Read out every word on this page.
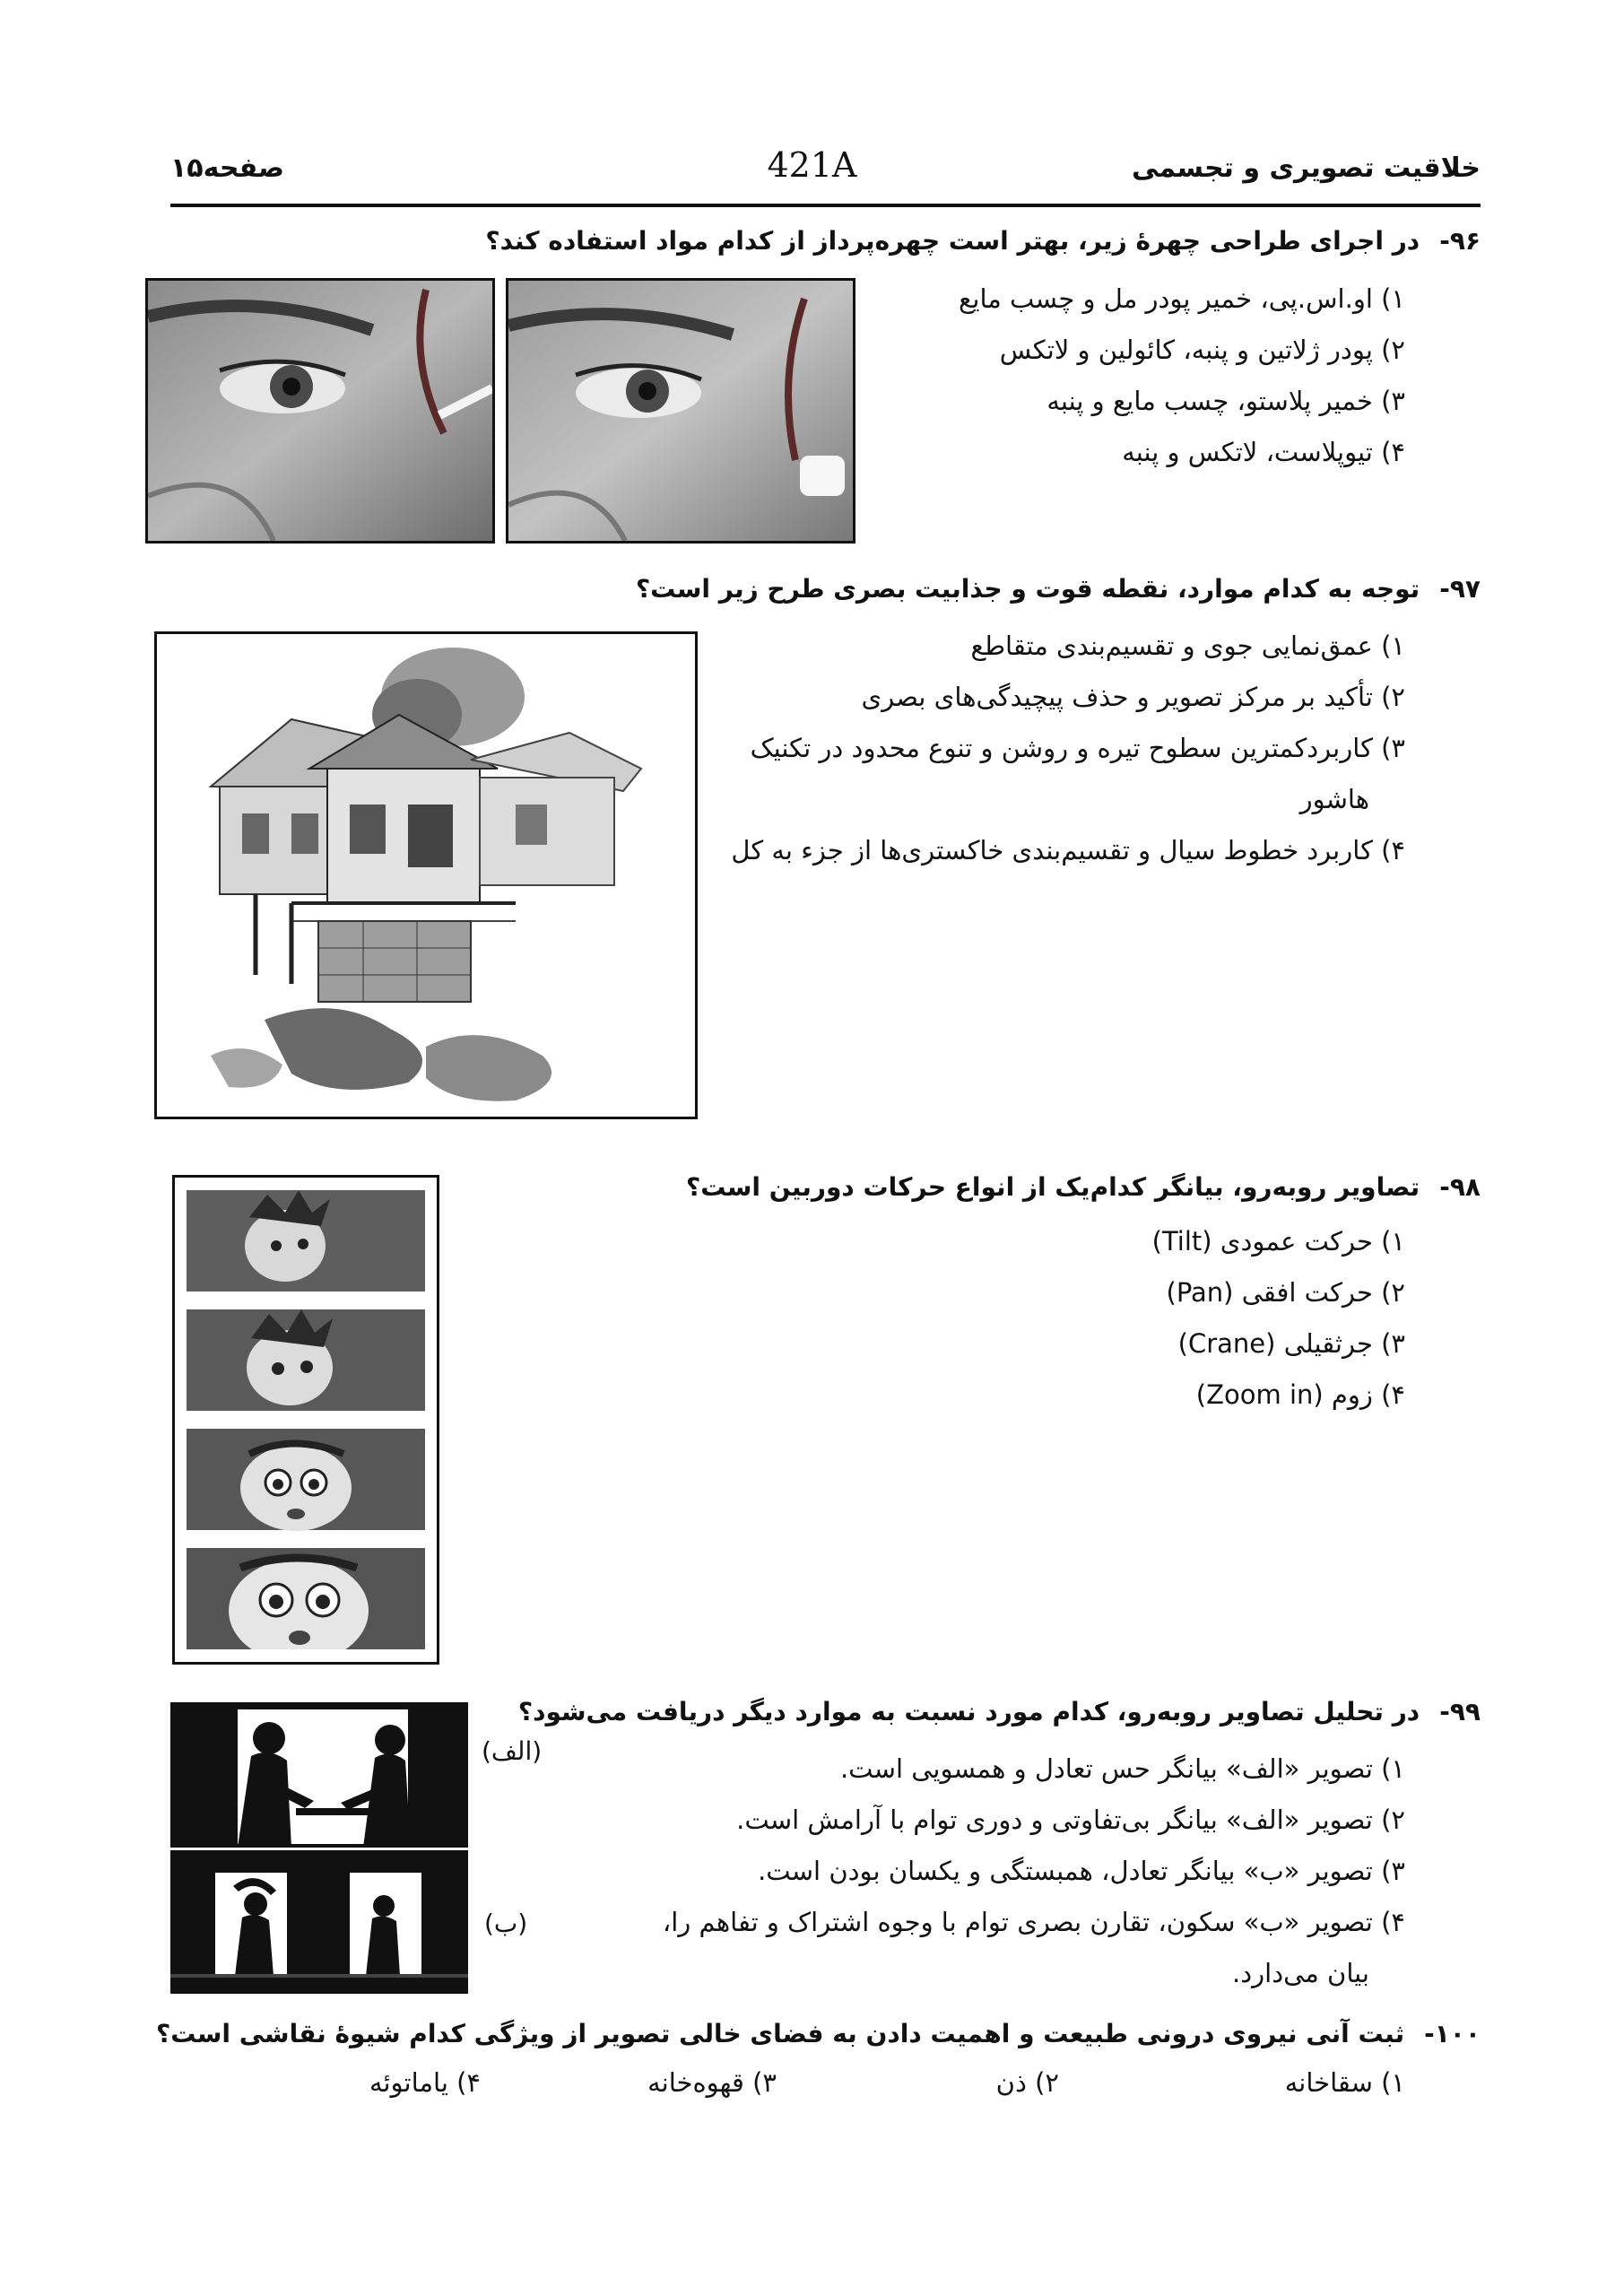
خلاقیت تصویری و تجسمی
421A
صفحه۱۵
۹۶-در اجرای طراحی چهرهٔ زیر، بهتر است چهره‌پرداز از کدام مواد استفاده کند؟
۱) او.اس.پی، خمیر پودر مل و چسب مایع
۲) پودر ژلاتین و پنبه، کائولین و لاتکس
۳) خمیر پلاستو، چسب مایع و پنبه
۴) تیوپلاست، لاتکس و پنبه
۹۷-توجه به کدام موارد، نقطه قوت و جذابیت بصری طرح زیر است؟
۱) عمق‌نمایی جوی و تقسیم‌بندی متقاطع
۲) تأکید بر مرکز تصویر و حذف پیچیدگی‌های بصری
۳) کاربردکمترین سطوح تیره و روشن و تنوع محدود در تکنیک
هاشور
۴) کاربرد خطوط سیال و تقسیم‌بندی خاکستری‌ها از جزء به کل
۹۸-تصاویر روبه‌رو، بیانگر کدام‌یک از انواع حرکات دوربین است؟
۱) حرکت عمودی (Tilt)
۲) حرکت افقی (Pan)
۳) جرثقیلی (Crane)
۴) زوم (Zoom in)
۹۹-در تحلیل تصاویر روبه‌رو، کدام مورد نسبت به موارد دیگر دریافت می‌شود؟
۱) تصویر «الف» بیانگر حس تعادل و همسویی است.
۲) تصویر «الف» بیانگر بی‌تفاوتی و دوری توام با آرامش است.
۳) تصویر «ب» بیانگر تعادل، همبستگی و یکسان بودن است.
۴) تصویر «ب» سکون، تقارن بصری توام با وجوه اشتراک و تفاهم را،
بیان می‌دارد.
(الف)
(ب)
۱۰۰-ثبت آنی نیروی درونی طبیعت و اهمیت دادن به فضای خالی تصویر از ویژگی کدام شیوهٔ نقاشی است؟
۱) سقاخانه
۲) ذن
۳) قهوه‌خانه
۴) یاماتوئه
